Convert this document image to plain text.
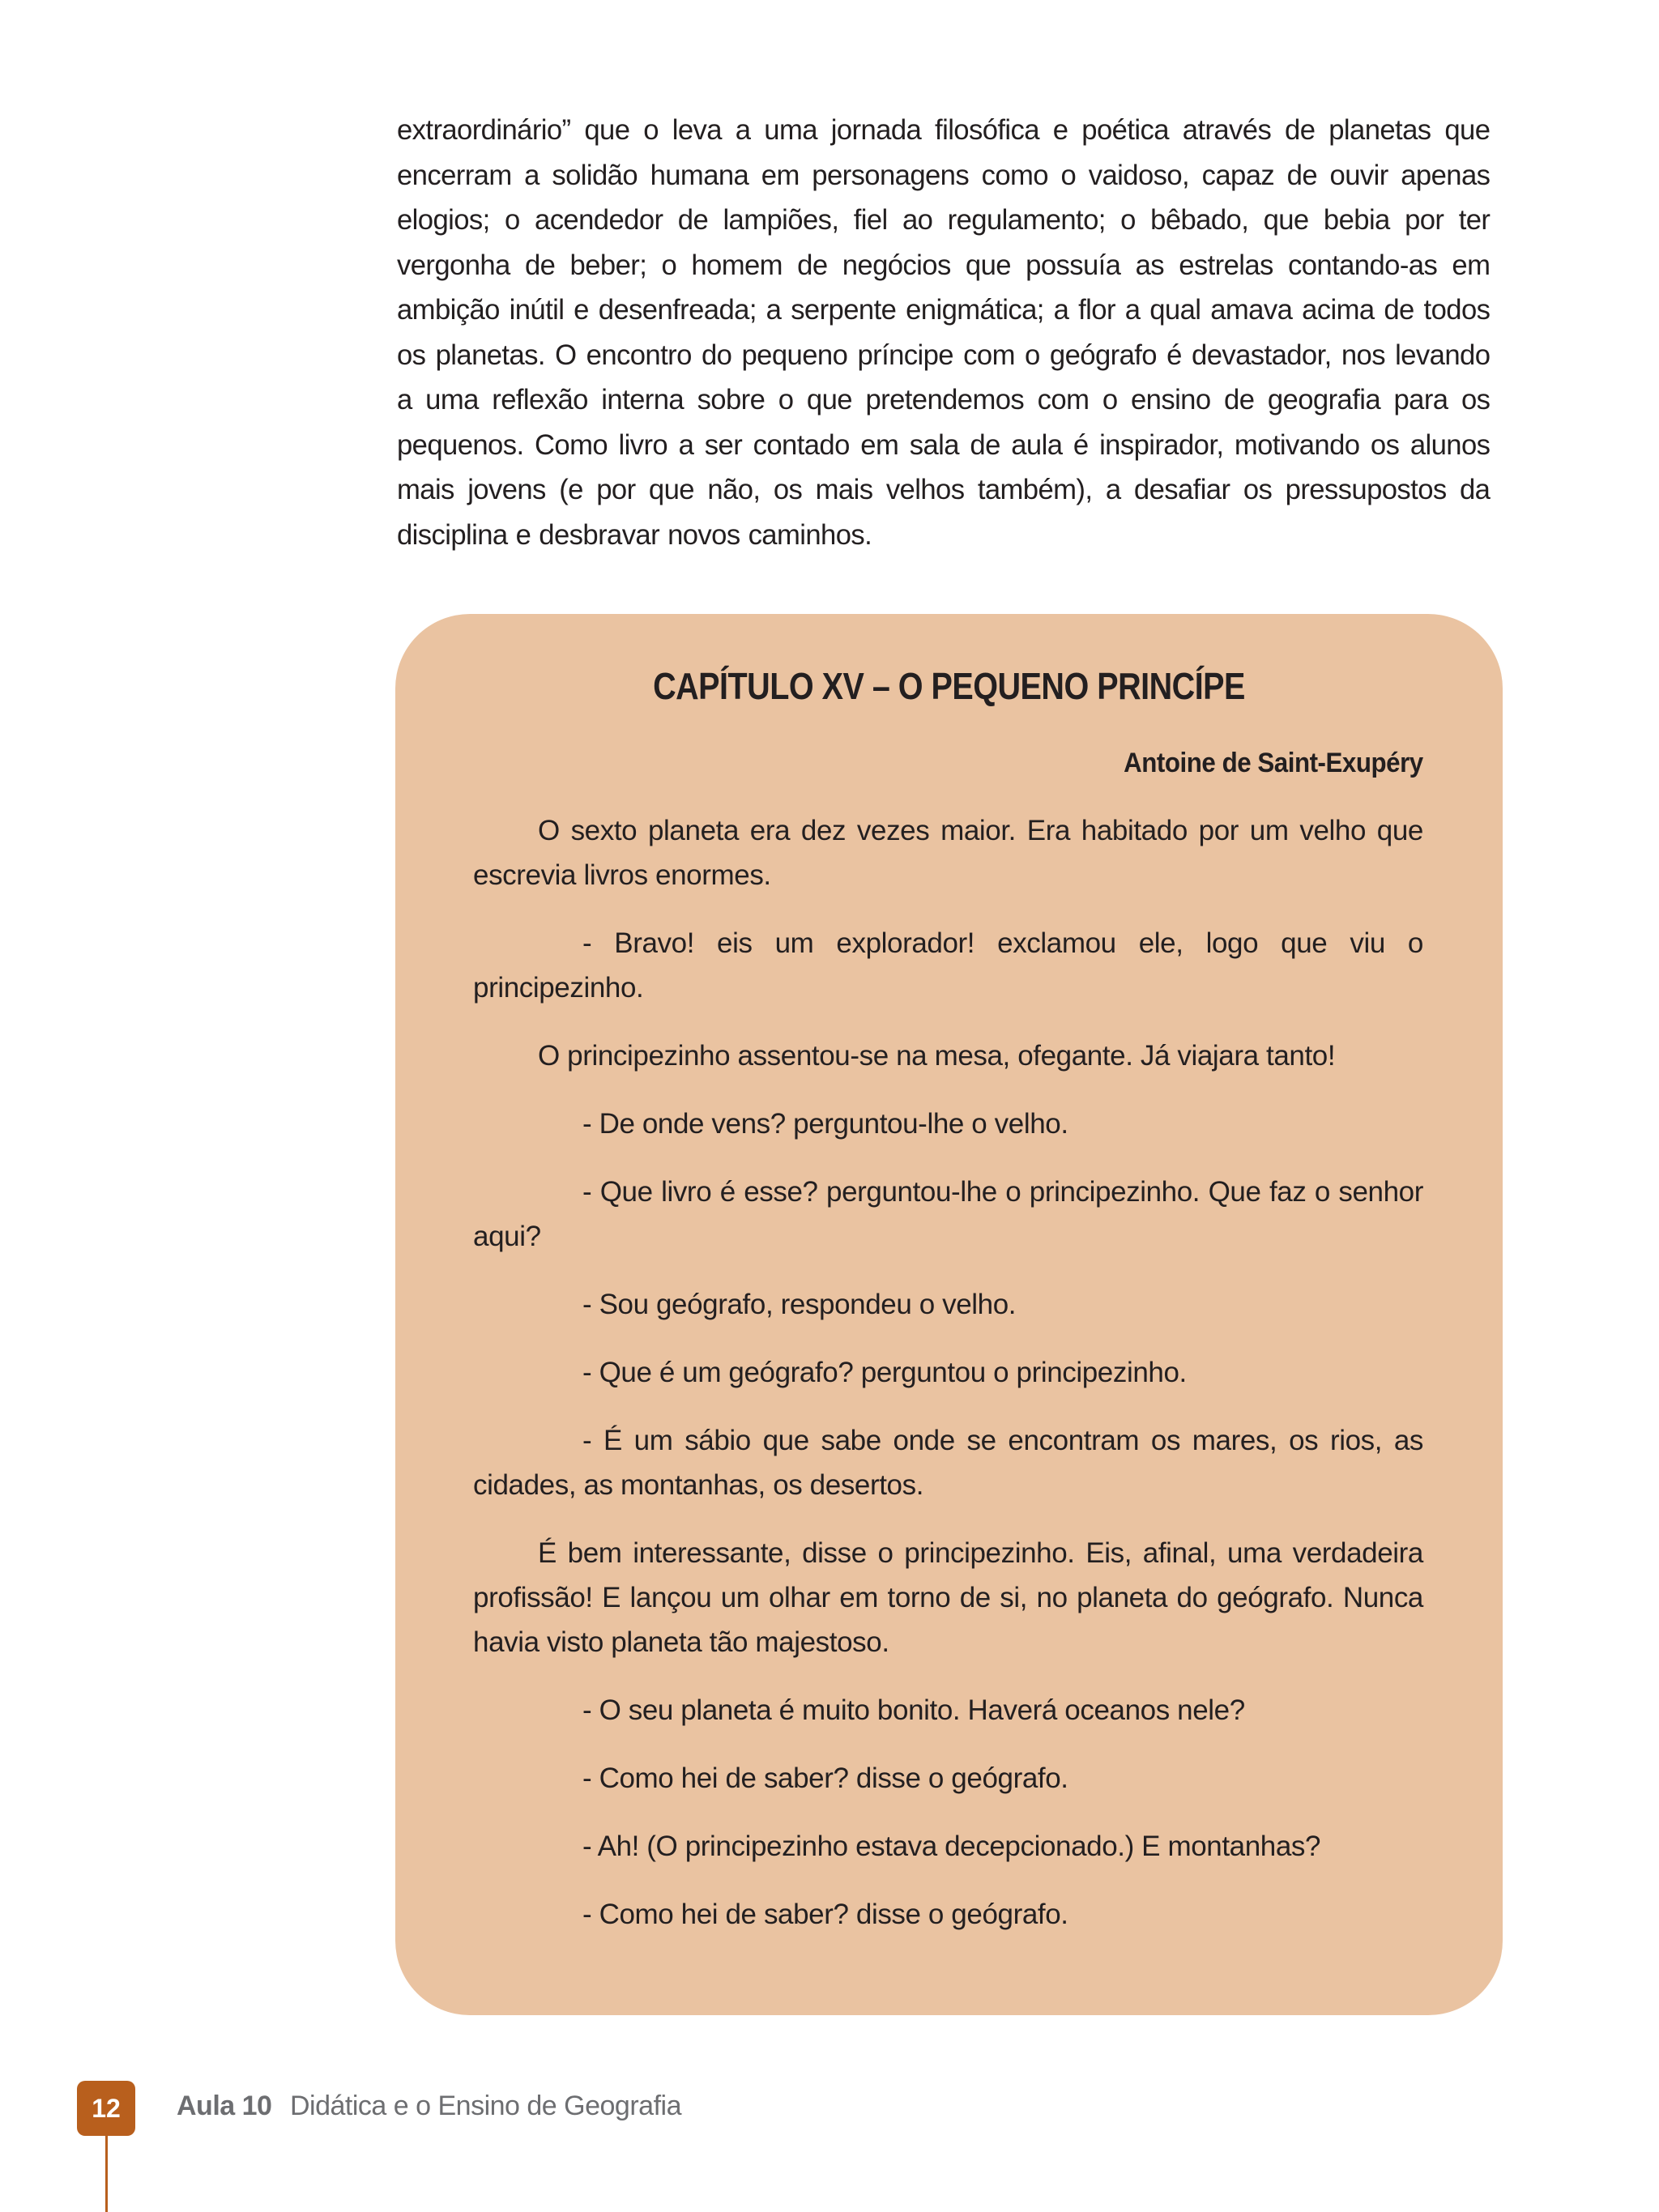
extraordinário” que o leva a uma jornada filosófica e poética através de planetas que encerram a solidão humana em personagens como o vaidoso, capaz de ouvir apenas elogios; o acendedor de lampiões, fiel ao regulamento; o bêbado, que bebia por ter vergonha de beber; o homem de negócios que possuía as estrelas contando-as em ambição inútil e desenfreada; a serpente enigmática; a flor a qual amava acima de todos os planetas. O encontro do pequeno príncipe com o geógrafo é devastador, nos levando a uma reflexão interna sobre o que pretendemos com o ensino de geografia para os pequenos. Como livro a ser contado em sala de aula é inspirador, motivando os alunos mais jovens (e por que não, os mais velhos também), a desafiar os pressupostos da disciplina e desbravar novos caminhos.
CAPÍTULO XV – O PEQUENO PRINCÍPE
Antoine de Saint-Exupéry

O sexto planeta era dez vezes maior. Era habitado por um velho que escrevia livros enormes.

- Bravo! eis um explorador! exclamou ele, logo que viu o principezinho.

O principezinho assentou-se na mesa, ofegante. Já viajara tanto!

- De onde vens? perguntou-lhe o velho.

- Que livro é esse? perguntou-lhe o principezinho. Que faz o senhor aqui?

- Sou geógrafo, respondeu o velho.

- Que é um geógrafo? perguntou o principezinho.

- É um sábio que sabe onde se encontram os mares, os rios, as cidades, as montanhas, os desertos.

É bem interessante, disse o principezinho. Eis, afinal, uma verdadeira profissão! E lançou um olhar em torno de si, no planeta do geógrafo. Nunca havia visto planeta tão majestoso.

- O seu planeta é muito bonito. Haverá oceanos nele?

- Como hei de saber? disse o geógrafo.

- Ah! (O principezinho estava decepcionado.) E montanhas?

- Como hei de saber? disse o geógrafo.

12	Aula 10 Didática e o Ensino de Geografia
